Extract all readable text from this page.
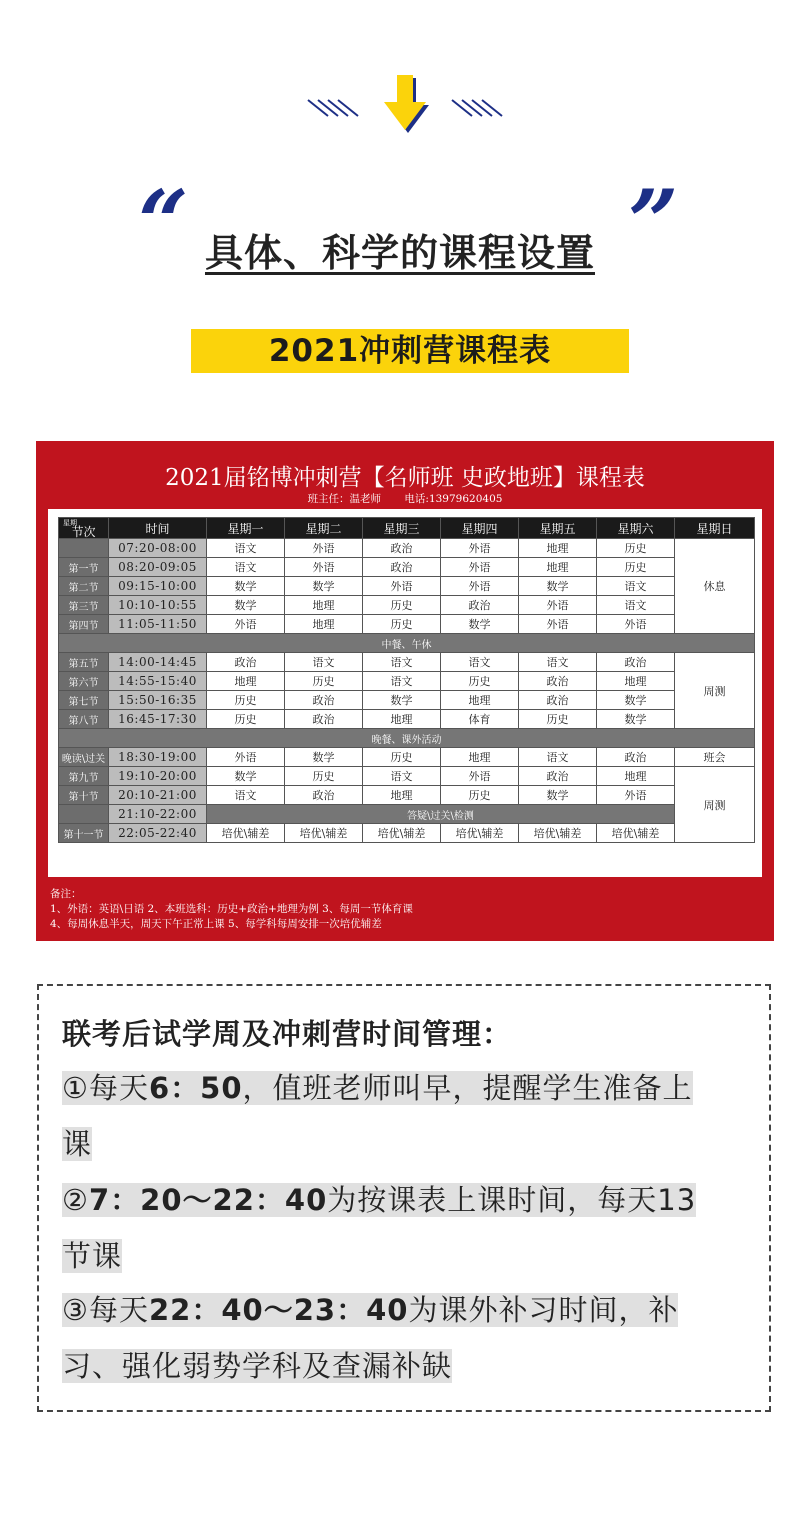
“ 具体、科学的课程设置 ”
2021冲刺营课程表
2021届铭博冲刺营【名师班 史政地班】课程表
班主任：温老师 电话:13979620405
星期
节次	时间	星期一	星期二	星期三	星期四	星期五	星期六	星期日
	07:20-08:00	语文	外语	政治	外语	地理	历史	休息
第一节	08:20-09:05	语文	外语	政治	外语	地理	历史	
第二节	09:15-10:00	数学	数学	外语	外语	数学	语文	
第三节	10:10-10:55	数学	地理	历史	政治	外语	语文	
第四节	11:05-11:50	外语	地理	历史	数学	外语	外语	
中餐、午休								
第五节	14:00-14:45	政治	语文	语文	语文	语文	政治	周测
第六节	14:55-15:40	地理	历史	语文	历史	政治	地理	
第七节	15:50-16:35	历史	政治	数学	地理	政治	数学	
第八节	16:45-17:30	历史	政治	地理	体育	历史	数学	
晚餐、课外活动								
晚读\过关	18:30-19:00	外语	数学	历史	地理	语文	政治	班会
第九节	19:10-20:00	数学	历史	语文	外语	政治	地理	周测
第十节	20:10-21:00	语文	政治	地理	历史	数学	外语	
	21:10-22:00	答疑\过关\检测						
第十一节	22:05-22:40	培优\辅差	培优\辅差	培优\辅差	培优\辅差	培优\辅差	培优\辅差	
备注：
1、外语：英语\日语 2、本班选科：历史+政治+地理为例 3、每周一节体育课
4、每周休息半天，周天下午正常上课 5、每学科每周安排一次培优辅差
联考后试学周及冲刺营时间管理：
①每天6：50，值班老师叫早，提醒学生准备上
课
②7：20～22：40为按课表上课时间，每天13
节课
③每天22：40～23：40为课外补习时间，补
习、强化弱势学科及查漏补缺
